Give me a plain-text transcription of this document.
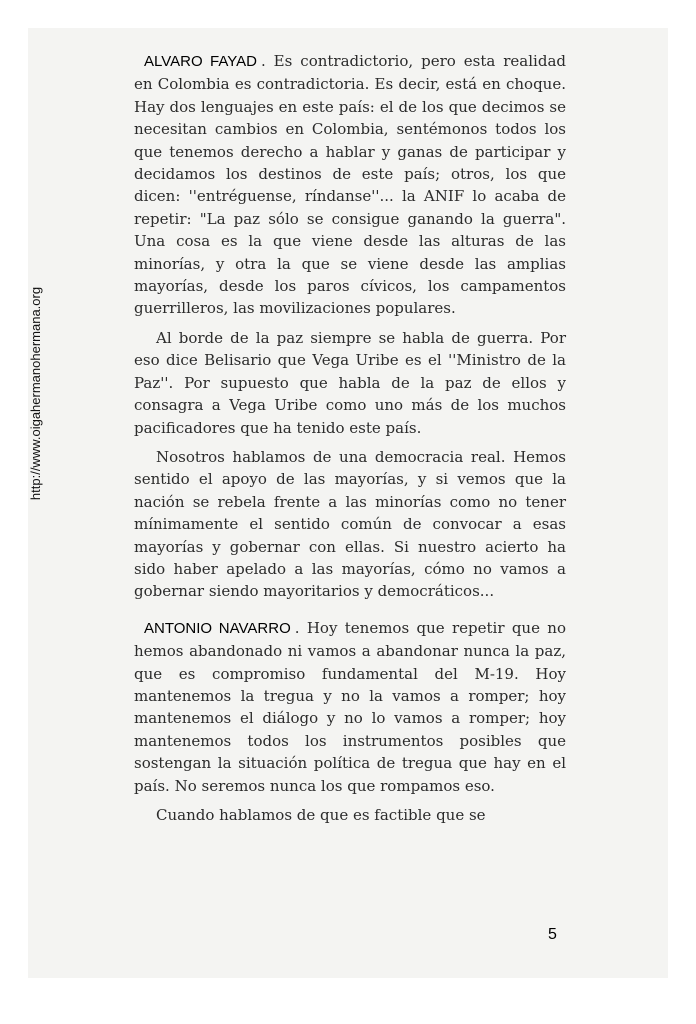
http://www.oigahermanohermana.org

ALVARO FAYAD . Es contradictorio, pero esta realidad en Colombia es contradictoria. Es decir, está en choque. Hay dos lenguajes en este país: el de los que decimos se necesitan cambios en Colombia, sentémonos todos los que tenemos derecho a hablar y ganas de participar y decidamos los destinos de este país; otros, los que dicen: ''entréguense, ríndanse''... la ANIF lo acaba de repetir: "La paz sólo se consigue ganando la guerra". Una cosa es la que viene desde las alturas de las minorías, y otra la que se viene desde las amplias mayorías, desde los paros cívicos, los campamentos guerrilleros, las movilizaciones populares.

Al borde de la paz siempre se habla de guerra. Por eso dice Belisario que Vega Uribe es el ''Ministro de la Paz''. Por supuesto que habla de la paz de ellos y consagra a Vega Uribe como uno más de los muchos pacificadores que ha tenido este país.

Nosotros hablamos de una democracia real. Hemos sentido el apoyo de las mayorías, y si vemos que la nación se rebela frente a las minorías como no tener mínimamente el sentido común de convocar a esas mayorías y gobernar con ellas. Si nuestro acierto ha sido haber apelado a las mayorías, cómo no vamos a gobernar siendo mayoritarios y democráticos...

ANTONIO NAVARRO . Hoy tenemos que repetir que no hemos abandonado ni vamos a abandonar nunca la paz, que es compromiso fundamental del M-19. Hoy mantenemos la tregua y no la vamos a romper; hoy mantenemos el diálogo y no lo vamos a romper; hoy mantenemos todos los instrumentos posibles que sostengan la situación política de tregua que hay en el país. No seremos nunca los que rompamos eso.

Cuando hablamos de que es factible que se

5
